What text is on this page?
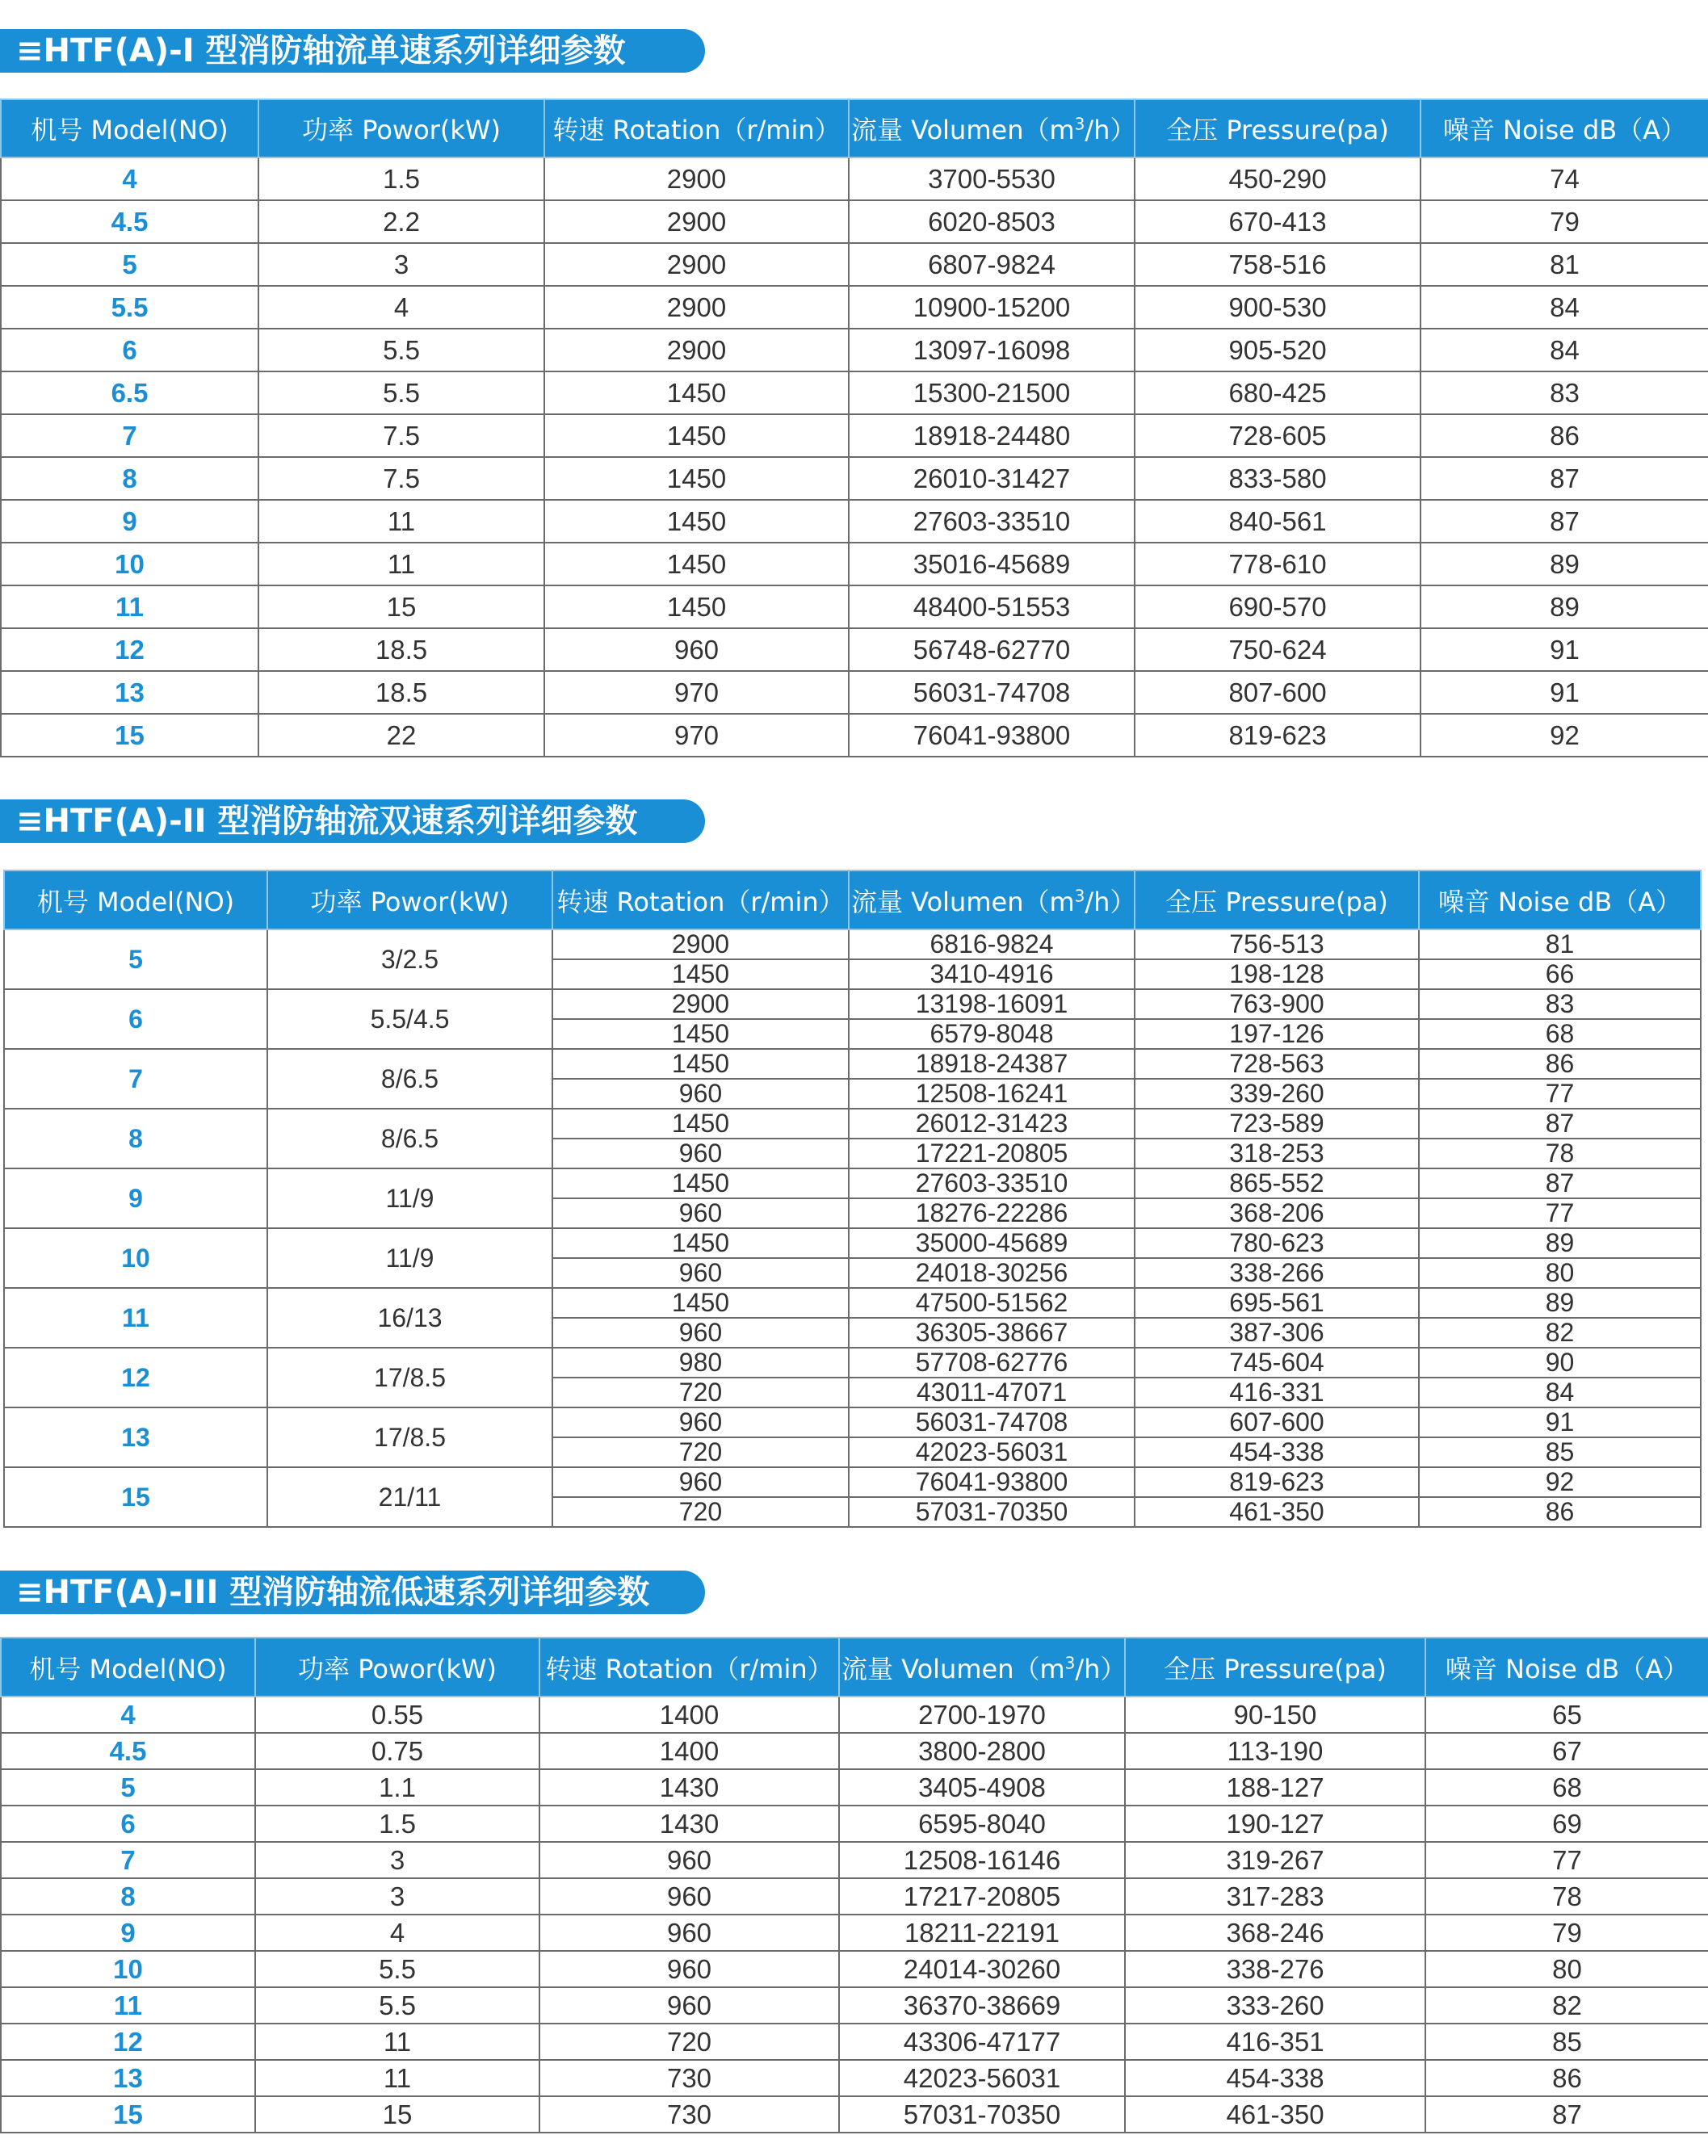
≡HTF(A)-I 型消防轴流单速系列详细参数
机号 Model(NO)	功率 Powor(kW)	转速 Rotation（r/min）	流量 $Volumen(m^3/h)$	全压 Pressure(pa)	噪音 Noise dB（A）
4	1.5	2900	3700-5530	450-290	74
4.5	2.2	2900	6020-8503	670-413	79
5	3	2900	6807-9824	758-516	81
5.5	4	2900	10900-15200	900-530	84
6	5.5	2900	13097-16098	905-520	84
6.5	5.5	1450	15300-21500	680-425	83
7	7.5	1450	18918-24480	728-605	86
8	7.5	1450	26010-31427	833-580	87
9	11	1450	27603-33510	840-561	87
10	11	1450	35016-45689	778-610	89
11	15	1450	48400-51553	690-570	89
12	18.5	960	56748-62770	750-624	91
13	18.5	970	56031-74708	807-600	91
15	22	970	76041-93800	819-623	92
≡HTF(A)-II 型消防轴流双速系列详细参数
机号 Model(NO)	功率 Powor(kW)	转速 Rotation（r/min）	流量 $Volumen(m^3/h)$	全压 Pressure(pa)	噪音 Noise dB（A）
5	3/2.5	2900	6816-9824	756-513	81
		1450	3410-4916	198-128	66
6	5.5/4.5	2900	13198-16091	763-900	83
		1450	6579-8048	197-126	68
7	8/6.5	1450	18918-24387	728-563	86
		960	12508-16241	339-260	77
8	8/6.5	1450	26012-31423	723-589	87
		960	17221-20805	318-253	78
9	11/9	1450	27603-33510	865-552	87
		960	18276-22286	368-206	77
10	11/9	1450	35000-45689	780-623	89
		960	24018-30256	338-266	80
11	16/13	1450	47500-51562	695-561	89
		960	36305-38667	387-306	82
12	17/8.5	980	57708-62776	745-604	90
		720	43011-47071	416-331	84
13	17/8.5	960	56031-74708	607-600	91
		720	42023-56031	454-338	85
15	21/11	960	76041-93800	819-623	92
		720	57031-70350	461-350	86
≡HTF(A)-III 型消防轴流低速系列详细参数
机号 Model(NO)	功率 Powor(kW)	转速 Rotation（r/min）	流量 $Volumen(m^3/h)$	全压 Pressure(pa)	噪音 Noise dB（A）
4	0.55	1400	2700-1970	90-150	65
4.5	0.75	1400	3800-2800	113-190	67
5	1.1	1430	3405-4908	188-127	68
6	1.5	1430	6595-8040	190-127	69
7	3	960	12508-16146	319-267	77
8	3	960	17217-20805	317-283	78
9	4	960	18211-22191	368-246	79
10	5.5	960	24014-30260	338-276	80
11	5.5	960	36370-38669	333-260	82
12	11	720	43306-47177	416-351	85
13	11	730	42023-56031	454-338	86
15	15	730	57031-70350	461-350	87
